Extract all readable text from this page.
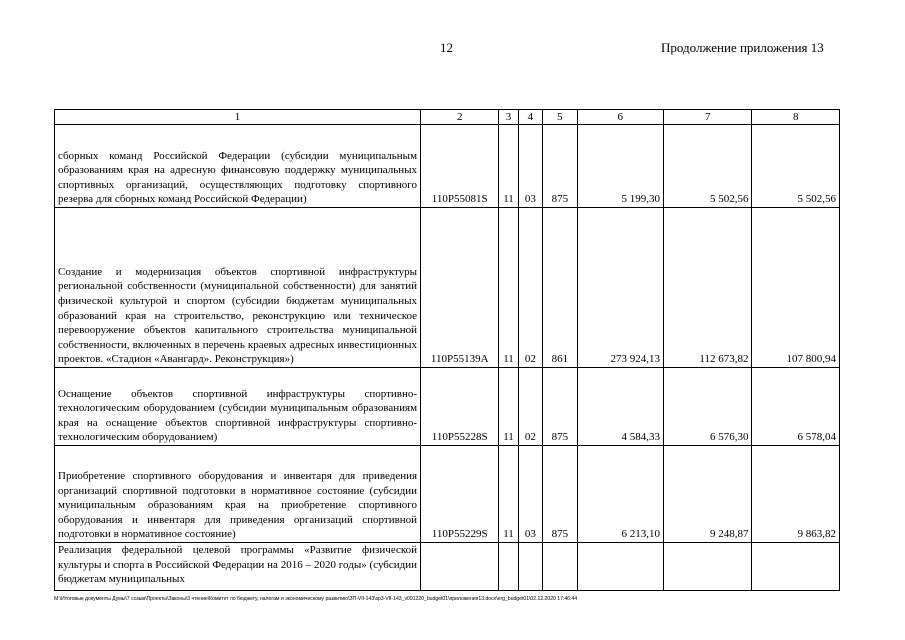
12	Продолжение приложения 13
1	2	3	4	5	6	7	8
сборных команд Российской Федерации (субсидии муниципальным образованиям края на адресную финансовую поддержку муниципальных спортивных организаций, осуществляющих подготовку спортивного резерва для сборных команд Российской Федерации)	110P55081S	11	03	875	5 199,30	5 502,56	5 502,56
Создание и модернизация объектов спортивной инфраструктуры региональной собственности (муниципальной собственности) для занятий физической культурой и спортом (субсидии бюджетам муниципальных образований края на строительство, реконструкцию или техническое перевооружение объектов капитального строительства муниципальной собственности, включенных в перечень краевых адресных инвестиционных проектов. «Стадион «Авангард». Реконструкция»)	110P55139A	11	02	861	273 924,13	112 673,82	107 800,94
Оснащение объектов спортивной инфраструктуры спортивно-технологическим оборудованием (субсидии муниципальным образованиям края на оснащение объектов спортивной инфраструктуры спортивно-технологическим оборудованием)	110P55228S	11	02	875	4 584,33	6 576,30	6 578,04
Приобретение спортивного оборудования и инвентаря для приведения организаций спортивной подготовки в нормативное состояние (субсидии муниципальным образованиям края на приобретение спортивного оборудования и инвентаря для приведения организаций спортивной подготовки в нормативное состояние)	110P55229S	11	03	875	6 213,10	9 248,87	9 863,82
Реализация федеральной целевой программы «Развитие физической культуры и спорта в Российской Федерации на 2016 – 2020 годы» (субсидии бюджетам муниципальных							
М:\Итоговые документы Думы\7 созыв\Проекты\Законы\3 чтение\Комитет по бюджету, налогам и экономическому развитию\ЗП-VII-143\зр3-VII-143_v091220_budget01\приложения13.docx\erg_budget01\02.12.2020 17:46:44
